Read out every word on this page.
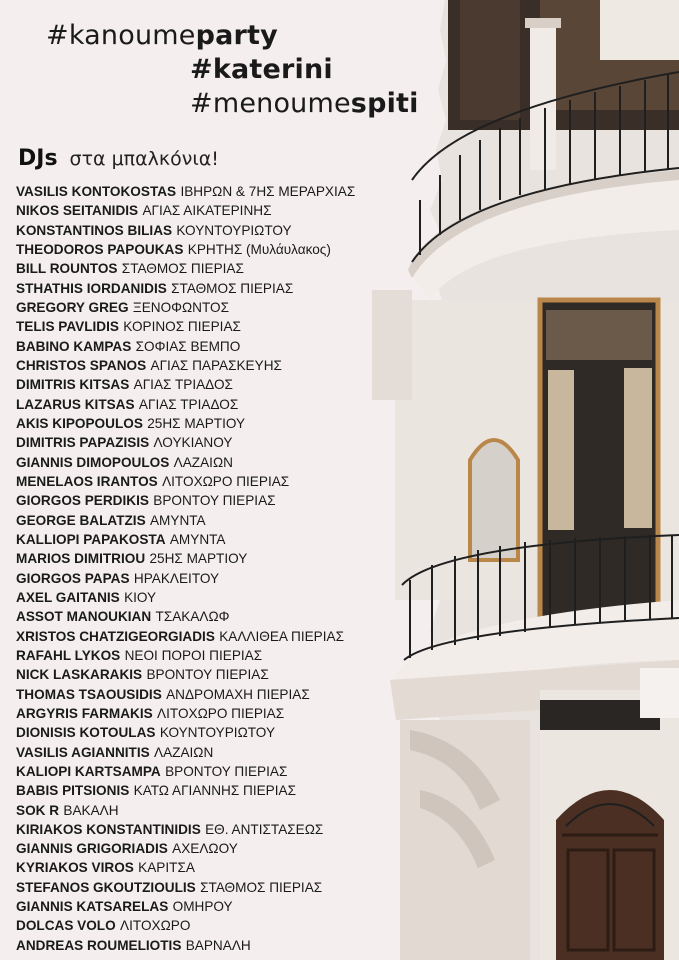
#kanoumeparty
#katerini
#menoumespiti
DJs στα μπαλκόνια!
VASILIS KONTOKOSTAS ΙΒΗΡΩΝ & 7ΗΣ ΜΕΡΑΡΧΙΑΣ
NIKOS SEITANIDIS ΑΓΙΑΣ ΑΙΚΑΤΕΡΙΝΗΣ
KONSTANTINOS BILIAS ΚΟΥΝΤΟΥΡΙΩΤΟΥ
THEODOROS PAPOUKAS ΚΡΗΤΗΣ (Μυλάυλακος)
BILL ROUNTOS ΣΤΑΘΜΟΣ ΠΙΕΡΙΑΣ
STHATHIS IORDANIDIS ΣΤΑΘΜΟΣ ΠΙΕΡΙΑΣ
GREGORY GREG ΞΕΝΟΦΩΝΤΟΣ
TELIS PAVLIDIS ΚΟΡΙΝΟΣ ΠΙΕΡΙΑΣ
BABINO KAMPAS ΣΟΦΙΑΣ ΒΕΜΠΟ
CHRISTOS SPANOS ΑΓΙΑΣ ΠΑΡΑΣΚΕΥΗΣ
DIMITRIS KITSAS ΑΓΙΑΣ ΤΡΙΑΔΟΣ
LAZARUS KITSAS ΑΓΙΑΣ ΤΡΙΑΔΟΣ
AKIS KIPOPOULOS 25ΗΣ ΜΑΡΤΙΟΥ
DIMITRIS PAPAZISIS ΛΟΥΚΙΑΝΟΥ
GIANNIS DIMOPOULOS ΛΑΖΑΙΩΝ
MENELAOS IRANTOS ΛΙΤΟΧΩΡΟ ΠΙΕΡΙΑΣ
GIORGOS PERDIKIS ΒΡΟΝΤΟΥ ΠΙΕΡΙΑΣ
GEORGE BALATZIS ΑΜΥΝΤΑ
KALLIOPI PAPAKOSTA ΑΜΥΝΤΑ
MARIOS DIMITRIOU 25ΗΣ ΜΑΡΤΙΟΥ
GIORGOS PAPAS ΗΡΑΚΛΕΙΤΟΥ
AXEL GAITANIS ΚΙΟΥ
ASSOT MANOUKIAN ΤΣΑΚΑΛΩΦ
XRISTOS CHATZIGEORGIADIS ΚΑΛΛΙΘΕΑ ΠΙΕΡΙΑΣ
RAFAHL LYKOS ΝΕΟΙ ΠΟΡΟΙ ΠΙΕΡΙΑΣ
NICK LASKARAKIS ΒΡΟΝΤΟΥ ΠΙΕΡΙΑΣ
THOMAS TSAOUSIDIS ΑΝΔΡΟΜΑΧΗ ΠΙΕΡΙΑΣ
ARGYRIS FARMAKIS ΛΙΤΟΧΩΡΟ ΠΙΕΡΙΑΣ
DIONISIS KOTOULAS ΚΟΥΝΤΟΥΡΙΩΤΟΥ
VASILIS AGIANNITIS ΛΑΖΑΙΩΝ
KALIOPI KARTSAMPA ΒΡΟΝΤΟΥ ΠΙΕΡΙΑΣ
BABIS PITSIONIS ΚΑΤΩ ΑΓΙΑΝΝΗΣ ΠΙΕΡΙΑΣ
SOK R ΒΑΚΑΛΗ
KIRIAKOS KONSTANTINIDIS ΕΘ. ΑΝΤΙΣΤΑΣΕΩΣ
GIANNIS GRIGORIADIS ΑΧΕΛΩΟΥ
KYRIAKOS VIROS ΚΑΡΙΤΣΑ
STEFANOS GKOUTZIOULIS ΣΤΑΘΜΟΣ ΠΙΕΡΙΑΣ
GIANNIS KATSARELAS ΟΜΗΡΟΥ
DOLCAS VOLO ΛΙΤΟΧΩΡΟ
ANDREAS ROUMELIOTIS ΒΑΡΝΑΛΗ
